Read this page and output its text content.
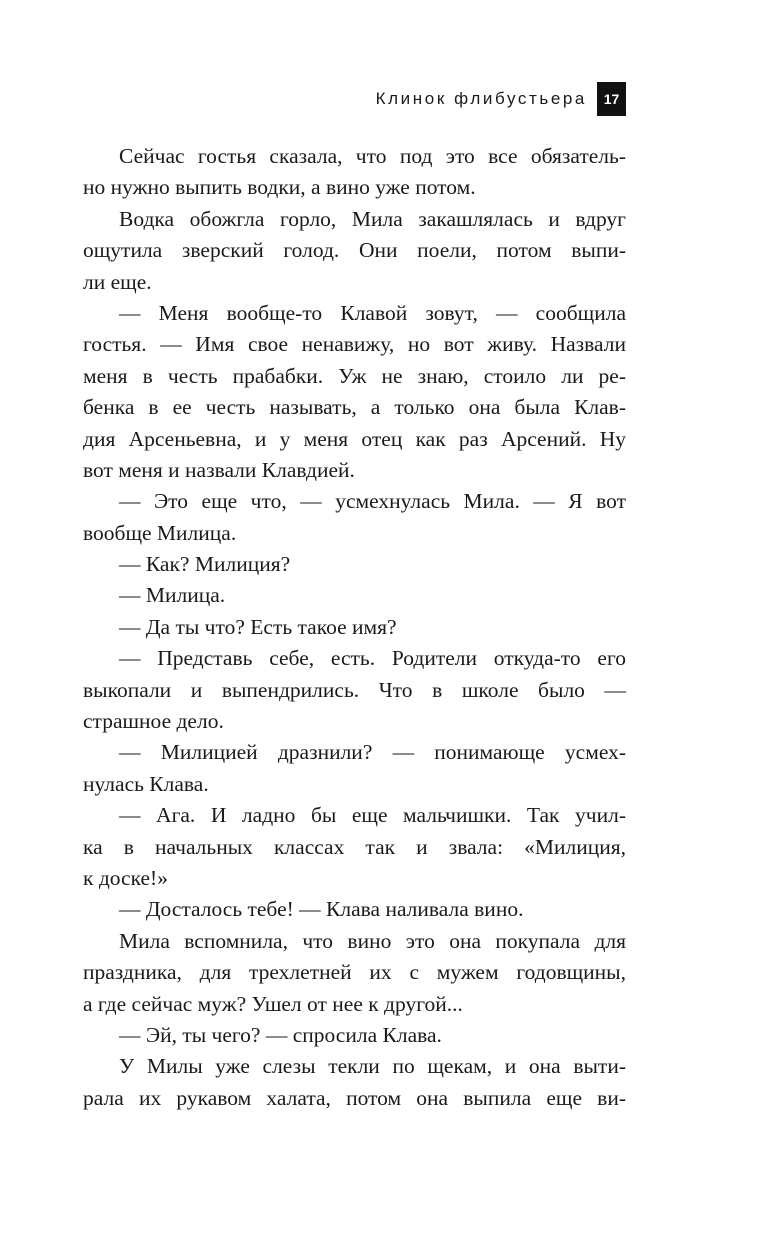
Клинок флибустьера	17
Сейчас гостья сказала, что под это все обязатель-
но нужно выпить водки, а вино уже потом.
Водка обожгла горло, Мила закашлялась и вдруг
ощутила зверский голод. Они поели, потом выпи-
ли еще.
— Меня вообще-то Клавой зовут, — сообщила
гостья. — Имя свое ненавижу, но вот живу. Назвали
меня в честь прабабки. Уж не знаю, стоило ли ре-
бенка в ее честь называть, а только она была Клав-
дия Арсеньевна, и у меня отец как раз Арсений. Ну
вот меня и назвали Клавдией.
— Это еще что, — усмехнулась Мила. — Я вот
вообще Милица.
— Как? Милиция?
— Милица.
— Да ты что? Есть такое имя?
— Представь себе, есть. Родители откуда-то его
выкопали и выпендрились. Что в школе было —
страшное дело.
— Милицией дразнили? — понимающе усмех-
нулась Клава.
— Ага. И ладно бы еще мальчишки. Так учил-
ка в начальных классах так и звала: «Милиция,
к доске!»
— Досталось тебе! — Клава наливала вино.
Мила вспомнила, что вино это она покупала для
праздника, для трехлетней их с мужем годовщины,
а где сейчас муж? Ушел от нее к другой...
— Эй, ты чего? — спросила Клава.
У Милы уже слезы текли по щекам, и она выти-
рала их рукавом халата, потом она выпила еще ви-
